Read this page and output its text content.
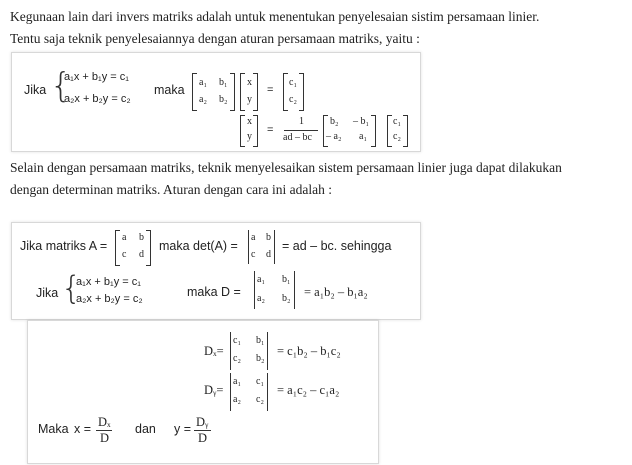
Kegunaan lain dari invers matriks adalah untuk menentukan penyelesaian sistim persamaan linier.
Tentu saja teknik penyelesaiannya dengan aturan persamaan matriks, yaitu :
Jika {
a₁x + b₁y = c₁
a₂x + b₂y = c₂
maka
a₁ b₁
a₂ b₂
x
y
=
c₁
c₂
x
y
=
1
ad – bc
b₂ – b₁
– a₂ a₁
c₁
c₂
Selain dengan persamaan matriks, teknik menyelesaikan sistem persamaan linier juga dapat dilakukan
dengan determinan matriks. Aturan dengan cara ini adalah :
Jika matriks A =
a b
c d
maka det(A) =
a b
c d
= ad – bc. sehingga
Jika {
a₁x + b₁y = c₁
a₂x + b₂y = c₂	maka D =
a₁ b₁
a₂ b₂ = a₁b₂ – b₁a₂
Dₓ=
c₁ b₁
c₂ b₂
= c₁b₂ – b₁c₂
Dᵧ=
a₁ c₁
a₂ c₂
= a₁c₂ – c₁a₂
Maka x = Dₓ
D
dan y = Dᵧ
D
